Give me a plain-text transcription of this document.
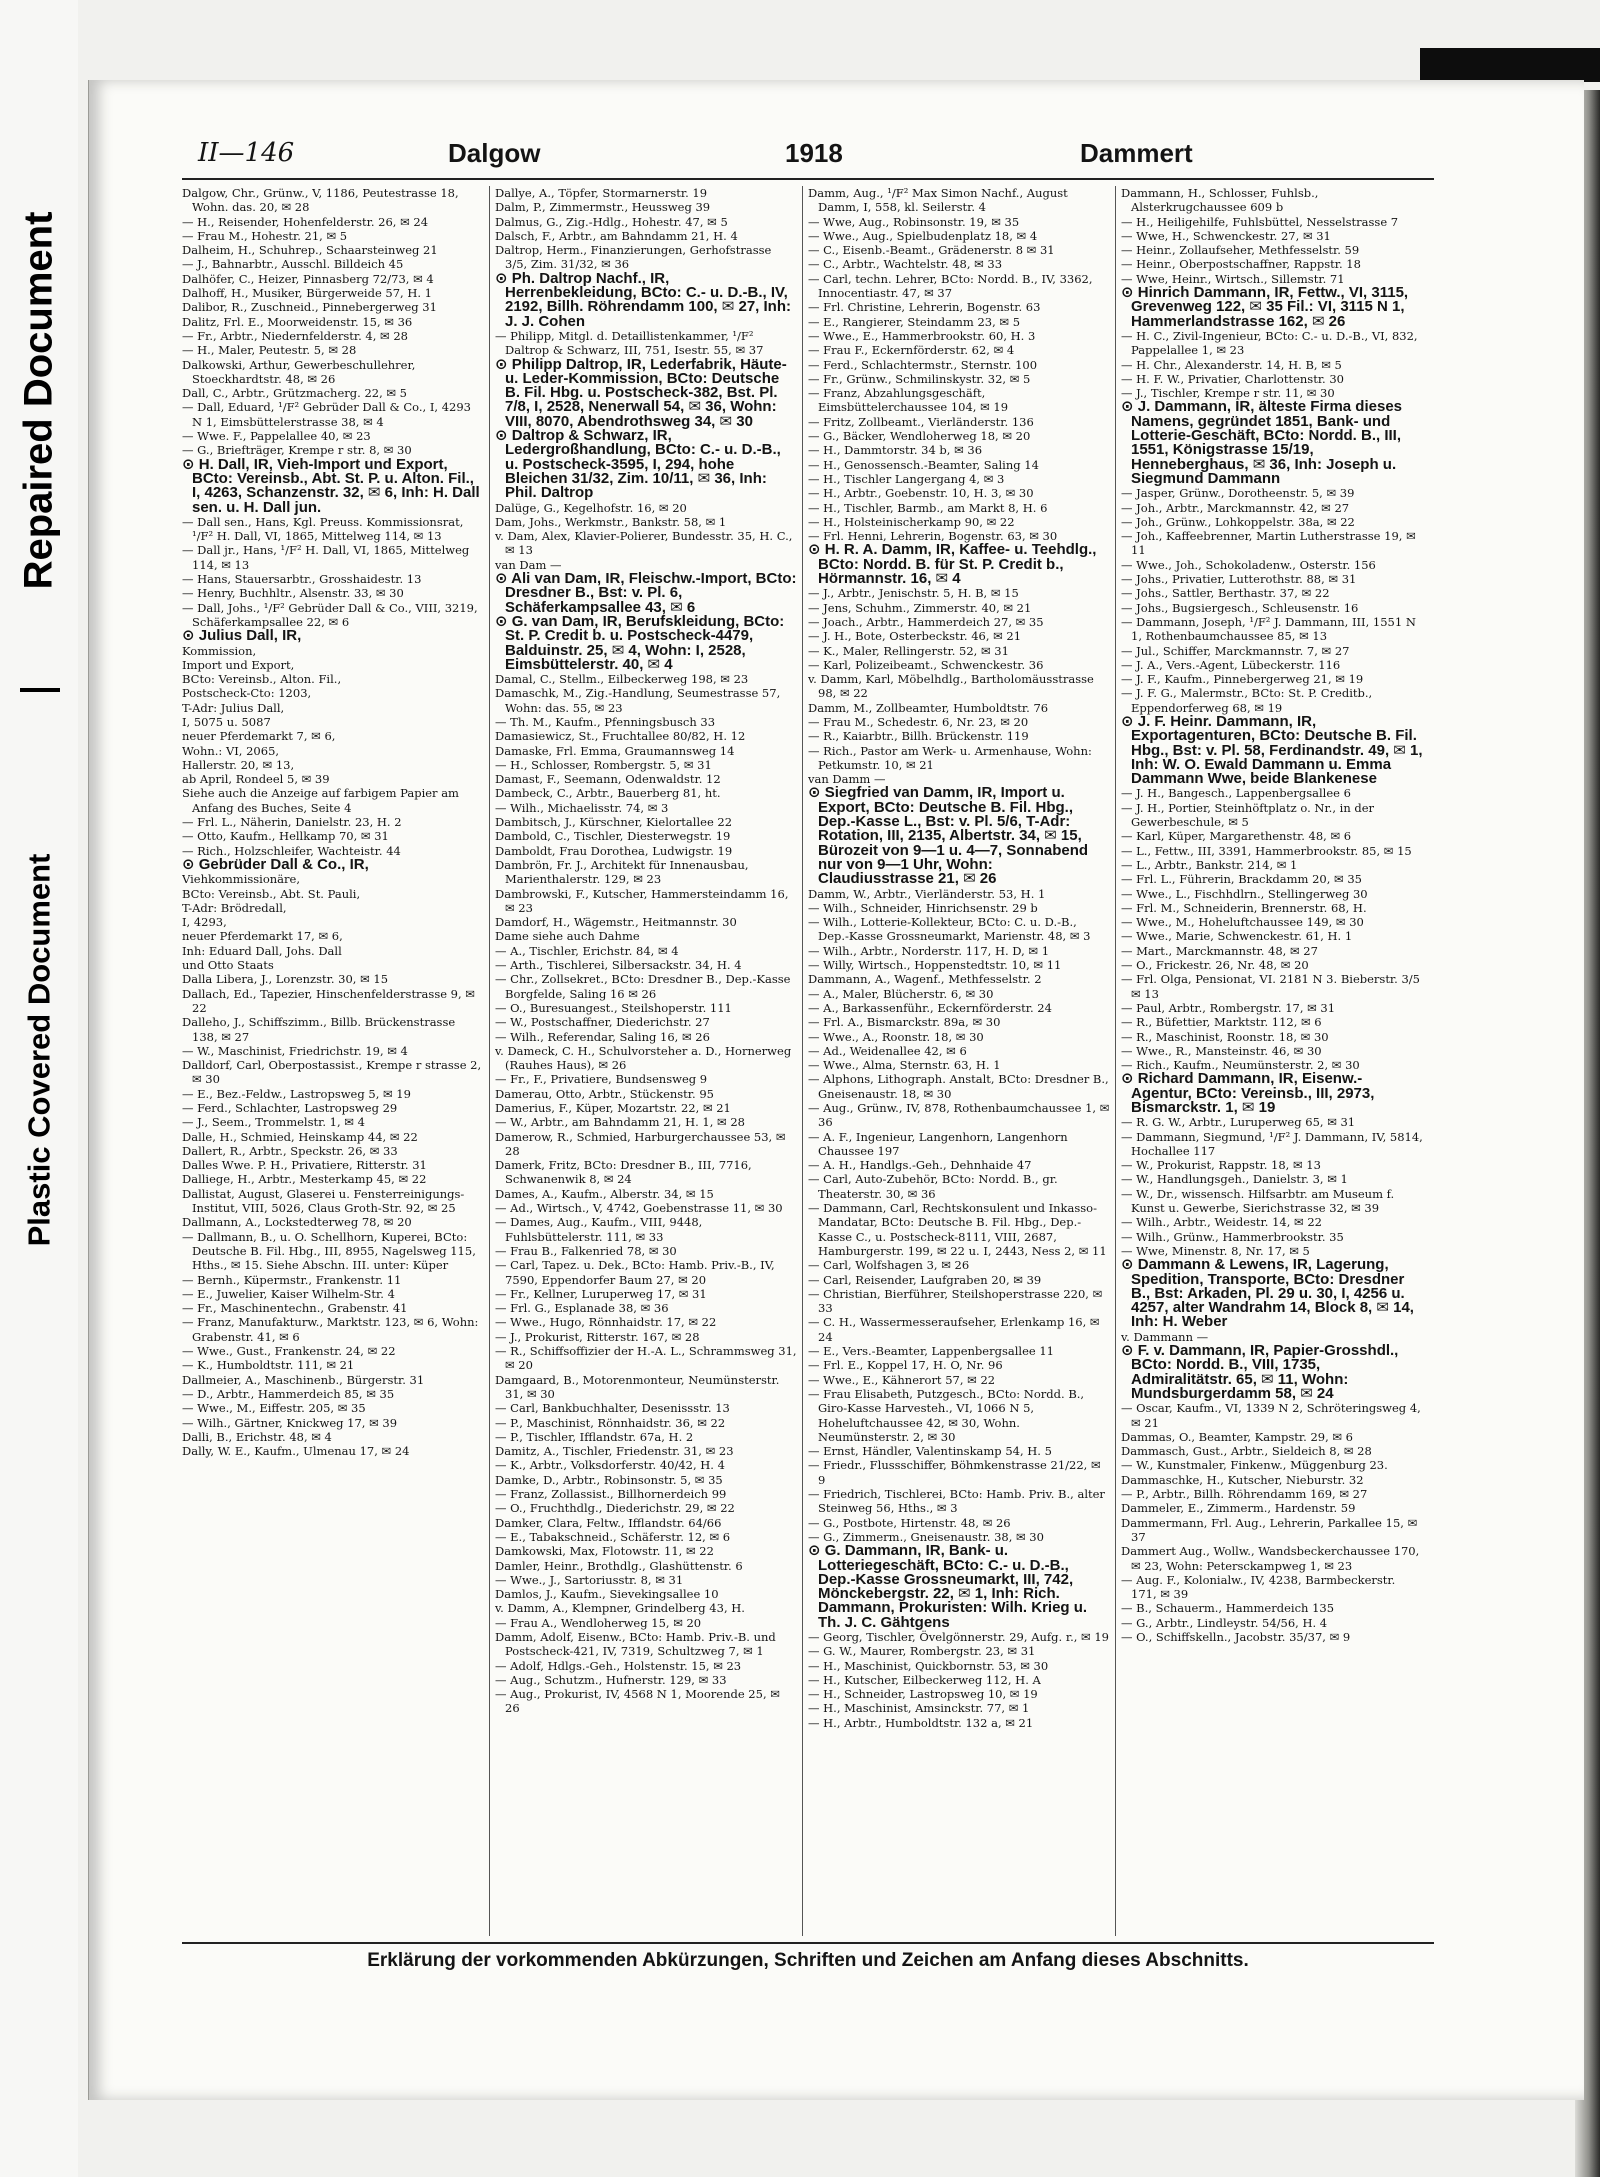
Repaired Document
Plastic Covered Document
II—146	Dalgow	1918	Dammert
Dalgow, Chr., Grünw., V, 1186, Peutestrasse 18, Wohn. das. 20, ✉ 28
— H., Reisender, Hohenfelderstr. 26, ✉ 24
— Frau M., Hohestr. 21, ✉ 5
Dalheim, H., Schuhrep., Schaarsteinweg 21
— J., Bahnarbtr., Ausschl. Billdeich 45
Dalhöfer, C., Heizer, Pinnasberg 72/73, ✉ 4
Dalhoff, H., Musiker, Bürgerweide 57, H. 1
Dalibor, R., Zuschneid., Pinnebergerweg 31
Dalitz, Frl. E., Moorweidenstr. 15, ✉ 36
— Fr., Arbtr., Niedernfelderstr. 4, ✉ 28
— H., Maler, Peutestr. 5, ✉ 28
Dalkowski, Arthur, Gewerbeschullehrer, Stoeckhardtstr. 48, ✉ 26
Dall, C., Arbtr., Grützmacherg. 22, ✉ 5
— Dall, Eduard, ¹/F² Gebrüder Dall & Co., I, 4293 N 1, Eimsbüttelerstrasse 38, ✉ 4
— Wwe. F., Pappelallee 40, ✉ 23
— G., Briefträger, Krempe r str. 8, ✉ 30
⊙ H. Dall, IR, Vieh-Import und Export, BCto: Vereinsb., Abt. St. P. u. Alton. Fil., I, 4263, Schanzenstr. 32, ✉ 6, Inh: H. Dall sen. u. H. Dall jun.
— Dall sen., Hans, Kgl. Preuss. Kommissionsrat, ¹/F² H. Dall, VI, 1865, Mittelweg 114, ✉ 13
— Dall jr., Hans, ¹/F² H. Dall, VI, 1865, Mittelweg 114, ✉ 13
— Hans, Stauersarbtr., Grosshaidestr. 13
— Henry, Buchhltr., Alsenstr. 33, ✉ 30
— Dall, Johs., ¹/F² Gebrüder Dall & Co., VIII, 3219, Schäferkampsallee 22, ✉ 6
⊙ Julius Dall, IR,
Kommission,
Import und Export,
BCto: Vereinsb., Alton. Fil.,
Postscheck-Cto: 1203,
T-Adr: Julius Dall,
I, 5075 u. 5087
neuer Pferdemarkt 7, ✉ 6,
Wohn.: VI, 2065,
Hallerstr. 20, ✉ 13,
ab April, Rondeel 5, ✉ 39
Siehe auch die Anzeige auf farbigem Papier am Anfang des Buches, Seite 4
— Frl. L., Näherin, Danielstr. 23, H. 2
— Otto, Kaufm., Hellkamp 70, ✉ 31
— Rich., Holzschleifer, Wachteistr. 44
⊙ Gebrüder Dall & Co., IR,
Viehkommissionäre,
BCto: Vereinsb., Abt. St. Pauli,
T-Adr: Brödredall,
I, 4293,
neuer Pferdemarkt 17, ✉ 6,
Inh: Eduard Dall, Johs. Dall
und Otto Staats
Dalla Libera, J., Lorenzstr. 30, ✉ 15
Dallach, Ed., Tapezier, Hinschenfelderstrasse 9, ✉ 22
Dalleho, J., Schiffszimm., Billb. Brückenstrasse 138, ✉ 27
— W., Maschinist, Friedrichstr. 19, ✉ 4
Dalldorf, Carl, Oberpostassist., Krempe r strasse 2, ✉ 30
— E., Bez.-Feldw., Lastropsweg 5, ✉ 19
— Ferd., Schlachter, Lastropsweg 29
— J., Seem., Trommelstr. 1, ✉ 4
Dalle, H., Schmied, Heinskamp 44, ✉ 22
Dallert, R., Arbtr., Speckstr. 26, ✉ 33
Dalles Wwe. P. H., Privatiere, Ritterstr. 31
Dalliege, H., Arbtr., Mesterkamp 45, ✉ 22
Dallistat, August, Glaserei u. Fensterreinigungs-Institut, VIII, 5026, Claus Groth-Str. 92, ✉ 25
Dallmann, A., Lockstedterweg 78, ✉ 20
— Dallmann, B., u. O. Schellhorn, Kuperei, BCto: Deutsche B. Fil. Hbg., III, 8955, Nagelsweg 115, Hths., ✉ 15. Siehe Abschn. III. unter: Küper
— Bernh., Küpermstr., Frankenstr. 11
— E., Juwelier, Kaiser Wilhelm-Str. 4
— Fr., Maschinentechn., Grabenstr. 41
— Franz, Manufakturw., Marktstr. 123, ✉ 6, Wohn: Grabenstr. 41, ✉ 6
— Wwe., Gust., Frankenstr. 24, ✉ 22
— K., Humboldtstr. 111, ✉ 21
Dallmeier, A., Maschinenb., Bürgerstr. 31
— D., Arbtr., Hammerdeich 85, ✉ 35
— Wwe., M., Eiffestr. 205, ✉ 35
— Wilh., Gärtner, Knickweg 17, ✉ 39
Dalli, B., Erichstr. 48, ✉ 4
Dally, W. E., Kaufm., Ulmenau 17, ✉ 24
Dallye, A., Töpfer, Stormarnerstr. 19
Dalm, P., Zimmermstr., Heussweg 39
Dalmus, G., Zig.-Hdlg., Hohestr. 47, ✉ 5
Dalsch, F., Arbtr., am Bahndamm 21, H. 4
Daltrop, Herm., Finanzierungen, Gerhofstrasse 3/5, Zim. 31/32, ✉ 36
⊙ Ph. Daltrop Nachf., IR, Herrenbekleidung, BCto: C.- u. D.-B., IV, 2192, Billh. Röhrendamm 100, ✉ 27, Inh: J. J. Cohen
— Philipp, Mitgl. d. Detaillistenkammer, ¹/F² Daltrop & Schwarz, III, 751, Isestr. 55, ✉ 37
⊙ Philipp Daltrop, IR, Lederfabrik, Häute- u. Leder-Kommission, BCto: Deutsche B. Fil. Hbg. u. Postscheck-382, Bst. Pl. 7/8, I, 2528, Nenerwall 54, ✉ 36, Wohn: VIII, 8070, Abendrothsweg 34, ✉ 30
⊙ Daltrop & Schwarz, IR, Ledergroßhandlung, BCto: C.- u. D.-B., u. Postscheck-3595, I, 294, hohe Bleichen 31/32, Zim. 10/11, ✉ 36, Inh: Phil. Daltrop
Dalüge, G., Kegelhofstr. 16, ✉ 20
Dam, Johs., Werkmstr., Bankstr. 58, ✉ 1
v. Dam, Alex, Klavier-Polierer, Bundesstr. 35, H. C., ✉ 13
van Dam —
⊙ Ali van Dam, IR, Fleischw.-Import, BCto: Dresdner B., Bst: v. Pl. 6, Schäferkampsallee 43, ✉ 6
⊙ G. van Dam, IR, Berufskleidung, BCto: St. P. Credit b. u. Postscheck-4479, Balduinstr. 25, ✉ 4, Wohn: I, 2528, Eimsbüttelerstr. 40, ✉ 4
Damal, C., Stellm., Eilbeckerweg 198, ✉ 23
Damaschk, M., Zig.-Handlung, Seumestrasse 57, Wohn: das. 55, ✉ 23
— Th. M., Kaufm., Pfenningsbusch 33
Damasiewicz, St., Fruchtallee 80/82, H. 12
Damaske, Frl. Emma, Graumannsweg 14
— H., Schlosser, Rombergstr. 5, ✉ 31
Damast, F., Seemann, Odenwaldstr. 12
Dambeck, C., Arbtr., Bauerberg 81, ht.
— Wilh., Michaelisstr. 74, ✉ 3
Dambitsch, J., Kürschner, Kielortallee 22
Dambold, C., Tischler, Diesterwegstr. 19
Damboldt, Frau Dorothea, Ludwigstr. 19
Dambrön, Fr. J., Architekt für Innenausbau, Marienthalerstr. 129, ✉ 23
Dambrowski, F., Kutscher, Hammersteindamm 16, ✉ 23
Damdorf, H., Wägemstr., Heitmannstr. 30
Dame siehe auch Dahme
— A., Tischler, Erichstr. 84, ✉ 4
— Arth., Tischlerei, Silbersackstr. 34, H. 4
— Chr., Zollsekret., BCto: Dresdner B., Dep.-Kasse Borgfelde, Saling 16 ✉ 26
— O., Buresuangest., Steilshoperstr. 111
— W., Postschaffner, Diederichstr. 27
— Wilh., Referendar, Saling 16, ✉ 26
v. Dameck, C. H., Schulvorsteher a. D., Hornerweg (Rauhes Haus), ✉ 26
— Fr., F., Privatiere, Bundsensweg 9
Damerau, Otto, Arbtr., Stückenstr. 95
Damerius, F., Küper, Mozartstr. 22, ✉ 21
— W., Arbtr., am Bahndamm 21, H. 1, ✉ 28
Damerow, R., Schmied, Harburgerchaussee 53, ✉ 28
Damerk, Fritz, BCto: Dresdner B., III, 7716, Schwanenwik 8, ✉ 24
Dames, A., Kaufm., Alberstr. 34, ✉ 15
— Ad., Wirtsch., V, 4742, Goebenstrasse 11, ✉ 30
— Dames, Aug., Kaufm., VIII, 9448, Fuhlsbüttelerstr. 111, ✉ 33
— Frau B., Falkenried 78, ✉ 30
— Carl, Tapez. u. Dek., BCto: Hamb. Priv.-B., IV, 7590, Eppendorfer Baum 27, ✉ 20
— Fr., Kellner, Luruperweg 17, ✉ 31
— Frl. G., Esplanade 38, ✉ 36
— Wwe., Hugo, Rönnhaidstr. 17, ✉ 22
— J., Prokurist, Ritterstr. 167, ✉ 28
— R., Schiffsoffizier der H.-A. L., Schrammsweg 31, ✉ 20
Damgaard, B., Motorenmonteur, Neumünsterstr. 31, ✉ 30
— Carl, Bankbuchhalter, Desenissstr. 13
— P., Maschinist, Rönnhaidstr. 36, ✉ 22
— P., Tischler, Ifflandstr. 67a, H. 2
Damitz, A., Tischler, Friedenstr. 31, ✉ 23
— K., Arbtr., Volksdorferstr. 40/42, H. 4
Damke, D., Arbtr., Robinsonstr. 5, ✉ 35
— Franz, Zollassist., Billhornerdeich 99
— O., Fruchthdlg., Diederichstr. 29, ✉ 22
Damker, Clara, Feltw., Ifflandstr. 64/66
— E., Tabakschneid., Schäferstr. 12, ✉ 6
Damkowski, Max, Flotowstr. 11, ✉ 22
Damler, Heinr., Brothdlg., Glashüttenstr. 6
— Wwe., J., Sartoriusstr. 8, ✉ 31
Damlos, J., Kaufm., Sievekingsallee 10
v. Damm, A., Klempner, Grindelberg 43, H.
— Frau A., Wendloherweg 15, ✉ 20
Damm, Adolf, Eisenw., BCto: Hamb. Priv.-B. und Postscheck-421, IV, 7319, Schultzweg 7, ✉ 1
— Adolf, Hdlgs.-Geh., Holstenstr. 15, ✉ 23
— Aug., Schutzm., Hufnerstr. 129, ✉ 33
— Aug., Prokurist, IV, 4568 N 1, Moorende 25, ✉ 26
Damm, Aug., ¹/F² Max Simon Nachf., August Damm, I, 558, kl. Seilerstr. 4
— Wwe, Aug., Robinsonstr. 19, ✉ 35
— Wwe., Aug., Spielbudenplatz 18, ✉ 4
— C., Eisenb.-Beamt., Grädenerstr. 8 ✉ 31
— C., Arbtr., Wachtelstr. 48, ✉ 33
— Carl, techn. Lehrer, BCto: Nordd. B., IV, 3362, Innocentiastr. 47, ✉ 37
— Frl. Christine, Lehrerin, Bogenstr. 63
— E., Rangierer, Steindamm 23, ✉ 5
— Wwe., E., Hammerbrookstr. 60, H. 3
— Frau F., Eckernförderstr. 62, ✉ 4
— Ferd., Schlachtermstr., Sternstr. 100
— Fr., Grünw., Schmilinskystr. 32, ✉ 5
— Franz, Abzahlungsgeschäft, Eimsbüttelerchaussee 104, ✉ 19
— Fritz, Zollbeamt., Vierländerstr. 136
— G., Bäcker, Wendloherweg 18, ✉ 20
— H., Dammtorstr. 34 b, ✉ 36
— H., Genossensch.-Beamter, Saling 14
— H., Tischler Langergang 4, ✉ 3
— H., Arbtr., Goebenstr. 10, H. 3, ✉ 30
— H., Tischler, Barmb., am Markt 8, H. 6
— H., Holsteinischerkamp 90, ✉ 22
— Frl. Henni, Lehrerin, Bogenstr. 63, ✉ 30
⊙ H. R. A. Damm, IR, Kaffee- u. Teehdlg., BCto: Nordd. B. für St. P. Credit b., Hörmannstr. 16, ✉ 4
— J., Arbtr., Jenischstr. 5, H. B, ✉ 15
— Jens, Schuhm., Zimmerstr. 40, ✉ 21
— Joach., Arbtr., Hammerdeich 27, ✉ 35
— J. H., Bote, Osterbeckstr. 46, ✉ 21
— K., Maler, Rellingerstr. 52, ✉ 31
— Karl, Polizeibeamt., Schwenckestr. 36
v. Damm, Karl, Möbelhdlg., Bartholomäusstrasse 98, ✉ 22
Damm, M., Zollbeamter, Humboldtstr. 76
— Frau M., Schedestr. 6, Nr. 23, ✉ 20
— R., Kaiarbtr., Billh. Brückenstr. 119
— Rich., Pastor am Werk- u. Armenhause, Wohn: Petkumstr. 10, ✉ 21
van Damm —
⊙ Siegfried van Damm, IR, Import u. Export, BCto: Deutsche B. Fil. Hbg., Dep.-Kasse L., Bst: v. Pl. 5/6, T-Adr: Rotation, III, 2135, Albertstr. 34, ✉ 15, Bürozeit von 9—1 u. 4—7, Sonnabend nur von 9—1 Uhr, Wohn: Claudiusstrasse 21, ✉ 26
Damm, W., Arbtr., Vierländerstr. 53, H. 1
— Wilh., Schneider, Hinrichsenstr. 29 b
— Wilh., Lotterie-Kollekteur, BCto: C. u. D.-B., Dep.-Kasse Grossneumarkt, Marienstr. 48, ✉ 3
— Wilh., Arbtr., Norderstr. 117, H. D, ✉ 1
— Willy, Wirtsch., Hoppenstedtstr. 10, ✉ 11
Dammann, A., Wagenf., Methfesselstr. 2
— A., Maler, Blücherstr. 6, ✉ 30
— A., Barkassenführ., Eckernförderstr. 24
— Frl. A., Bismarckstr. 89a, ✉ 30
— Wwe., A., Roonstr. 18, ✉ 30
— Ad., Weidenallee 42, ✉ 6
— Wwe., Alma, Sternstr. 63, H. 1
— Alphons, Lithograph. Anstalt, BCto: Dresdner B., Gneisenaustr. 18, ✉ 30
— Aug., Grünw., IV, 878, Rothenbaumchaussee 1, ✉ 36
— A. F., Ingenieur, Langenhorn, Langenhorn Chaussee 197
— A. H., Handlgs.-Geh., Dehnhaide 47
— Carl, Auto-Zubehör, BCto: Nordd. B., gr. Theaterstr. 30, ✉ 36
— Dammann, Carl, Rechtskonsulent und Inkasso-Mandatar, BCto: Deutsche B. Fil. Hbg., Dep.-Kasse C., u. Postscheck-8111, VIII, 2687, Hamburgerstr. 199, ✉ 22 u. I, 2443, Ness 2, ✉ 11
— Carl, Wolfshagen 3, ✉ 26
— Carl, Reisender, Laufgraben 20, ✉ 39
— Christian, Bierführer, Steilshoperstrasse 220, ✉ 33
— C. H., Wassermesseraufseher, Erlenkamp 16, ✉ 24
— E., Vers.-Beamter, Lappenbergsallee 11
— Frl. E., Koppel 17, H. O, Nr. 96
— Wwe., E., Kähnerort 57, ✉ 22
— Frau Elisabeth, Putzgesch., BCto: Nordd. B., Giro-Kasse Harvesteh., VI, 1066 N 5, Hoheluftchaussee 42, ✉ 30, Wohn. Neumünsterstr. 2, ✉ 30
— Ernst, Händler, Valentinskamp 54, H. 5
— Friedr., Flussschiffer, Böhmkenstrasse 21/22, ✉ 9
— Friedrich, Tischlerei, BCto: Hamb. Priv. B., alter Steinweg 56, Hths., ✉ 3
— G., Postbote, Hirtenstr. 48, ✉ 26
— G., Zimmerm., Gneisenaustr. 38, ✉ 30
⊙ G. Dammann, IR, Bank- u. Lotteriegeschäft, BCto: C.- u. D.-B., Dep.-Kasse Grossneumarkt, III, 742, Mönckebergstr. 22, ✉ 1, Inh: Rich. Dammann, Prokuristen: Wilh. Krieg u. Th. J. C. Gähtgens
— Georg, Tischler, Övelgönnerstr. 29, Aufg. r., ✉ 19
— G. W., Maurer, Rombergstr. 23, ✉ 31
— H., Maschinist, Quickbornstr. 53, ✉ 30
— H., Kutscher, Eilbeckerweg 112, H. A
— H., Schneider, Lastropsweg 10, ✉ 19
— H., Maschinist, Amsinckstr. 77, ✉ 1
— H., Arbtr., Humboldtstr. 132 a, ✉ 21
Dammann, H., Schlosser, Fuhlsb., Alsterkrugchaussee 609 b
— H., Heiligehilfe, Fuhlsbüttel, Nesselstrasse 7
— Wwe, H., Schwenckestr. 27, ✉ 31
— Heinr., Zollaufseher, Methfesselstr. 59
— Heinr., Oberpostschaffner, Rappstr. 18
— Wwe, Heinr., Wirtsch., Sillemstr. 71
⊙ Hinrich Dammann, IR, Fettw., VI, 3115, Grevenweg 122, ✉ 35 Fil.: VI, 3115 N 1, Hammerlandstrasse 162, ✉ 26
— H. C., Zivil-Ingenieur, BCto: C.- u. D.-B., VI, 832, Pappelallee 1, ✉ 23
— H. Chr., Alexanderstr. 14, H. B, ✉ 5
— H. F. W., Privatier, Charlottenstr. 30
— J., Tischler, Krempe r str. 11, ✉ 30
⊙ J. Dammann, IR, älteste Firma dieses Namens, gegründet 1851, Bank- und Lotterie-Geschäft, BCto: Nordd. B., III, 1551, Königstrasse 15/19, Henneberghaus, ✉ 36, Inh: Joseph u. Siegmund Dammann
— Jasper, Grünw., Dorotheenstr. 5, ✉ 39
— Joh., Arbtr., Marckmannstr. 42, ✉ 27
— Joh., Grünw., Lohkoppelstr. 38a, ✉ 22
— Joh., Kaffeebrenner, Martin Lutherstrasse 19, ✉ 11
— Wwe., Joh., Schokoladenw., Osterstr. 156
— Johs., Privatier, Lutterothstr. 88, ✉ 31
— Johs., Sattler, Berthastr. 37, ✉ 22
— Johs., Bugsiergesch., Schleusenstr. 16
— Dammann, Joseph, ¹/F² J. Dammann, III, 1551 N 1, Rothenbaumchaussee 85, ✉ 13
— Jul., Schiffer, Marckmannstr. 7, ✉ 27
— J. A., Vers.-Agent, Lübeckerstr. 116
— J. F., Kaufm., Pinnebergerweg 21, ✉ 19
— J. F. G., Malermstr., BCto: St. P. Creditb., Eppendorferweg 68, ✉ 19
⊙ J. F. Heinr. Dammann, IR, Exportagenturen, BCto: Deutsche B. Fil. Hbg., Bst: v. Pl. 58, Ferdinandstr. 49, ✉ 1, Inh: W. O. Ewald Dammann u. Emma Dammann Wwe, beide Blankenese
— J. H., Bangesch., Lappenbergsallee 6
— J. H., Portier, Steinhöftplatz o. Nr., in der Gewerbeschule, ✉ 5
— Karl, Küper, Margarethenstr. 48, ✉ 6
— L., Fettw., III, 3391, Hammerbrookstr. 85, ✉ 15
— L., Arbtr., Bankstr. 214, ✉ 1
— Frl. L., Führerin, Brackdamm 20, ✉ 35
— Wwe., L., Fischhdlrn., Stellingerweg 30
— Frl. M., Schneiderin, Brennerstr. 68, H.
— Wwe., M., Hoheluftchaussee 149, ✉ 30
— Wwe., Marie, Schwenckestr. 61, H. 1
— Mart., Marckmannstr. 48, ✉ 27
— O., Frickestr. 26, Nr. 48, ✉ 20
— Frl. Olga, Pensionat, VI. 2181 N 3. Bieberstr. 3/5 ✉ 13
— Paul, Arbtr., Rombergstr. 17, ✉ 31
— R., Büfettier, Marktstr. 112, ✉ 6
— R., Maschinist, Roonstr. 18, ✉ 30
— Wwe., R., Mansteinstr. 46, ✉ 30
— Rich., Kaufm., Neumünsterstr. 2, ✉ 30
⊙ Richard Dammann, IR, Eisenw.-Agentur, BCto: Vereinsb., III, 2973, Bismarckstr. 1, ✉ 19
— R. G. W., Arbtr., Luruperweg 65, ✉ 31
— Dammann, Siegmund, ¹/F² J. Dammann, IV, 5814, Hochallee 117
— W., Prokurist, Rappstr. 18, ✉ 13
— W., Handlungsgeh., Danielstr. 3, ✉ 1
— W., Dr., wissensch. Hilfsarbtr. am Museum f. Kunst u. Gewerbe, Sierichstrasse 32, ✉ 39
— Wilh., Arbtr., Weidestr. 14, ✉ 22
— Wilh., Grünw., Hammerbrookstr. 35
— Wwe, Minenstr. 8, Nr. 17, ✉ 5
⊙ Dammann & Lewens, IR, Lagerung, Spedition, Transporte, BCto: Dresdner B., Bst: Arkaden, Pl. 29 u. 30, I, 4256 u. 4257, alter Wandrahm 14, Block 8, ✉ 14, Inh: H. Weber
v. Dammann —
⊙ F. v. Dammann, IR, Papier-Grosshdl., BCto: Nordd. B., VIII, 1735, Admiralitätstr. 65, ✉ 11, Wohn: Mundsburgerdamm 58, ✉ 24
— Oscar, Kaufm., VI, 1339 N 2, Schröteringsweg 4, ✉ 21
Dammas, O., Beamter, Kampstr. 29, ✉ 6
Dammasch, Gust., Arbtr., Sieldeich 8, ✉ 28
— W., Kunstmaler, Finkenw., Müggenburg 23.
Dammaschke, H., Kutscher, Nieburstr. 32
— P., Arbtr., Billh. Röhrendamm 169, ✉ 27
Dammeler, E., Zimmerm., Hardenstr. 59
Dammermann, Frl. Aug., Lehrerin, Parkallee 15, ✉ 37
Dammert Aug., Wollw., Wandsbeckerchaussee 170, ✉ 23, Wohn: Petersckampweg 1, ✉ 23
— Aug. F., Kolonialw., IV, 4238, Barmbeckerstr. 171, ✉ 39
— B., Schauerm., Hammerdeich 135
— G., Arbtr., Lindleystr. 54/56, H. 4
— O., Schiffskelln., Jacobstr. 35/37, ✉ 9
Erklärung der vorkommenden Abkürzungen, Schriften und Zeichen am Anfang dieses Abschnitts.
